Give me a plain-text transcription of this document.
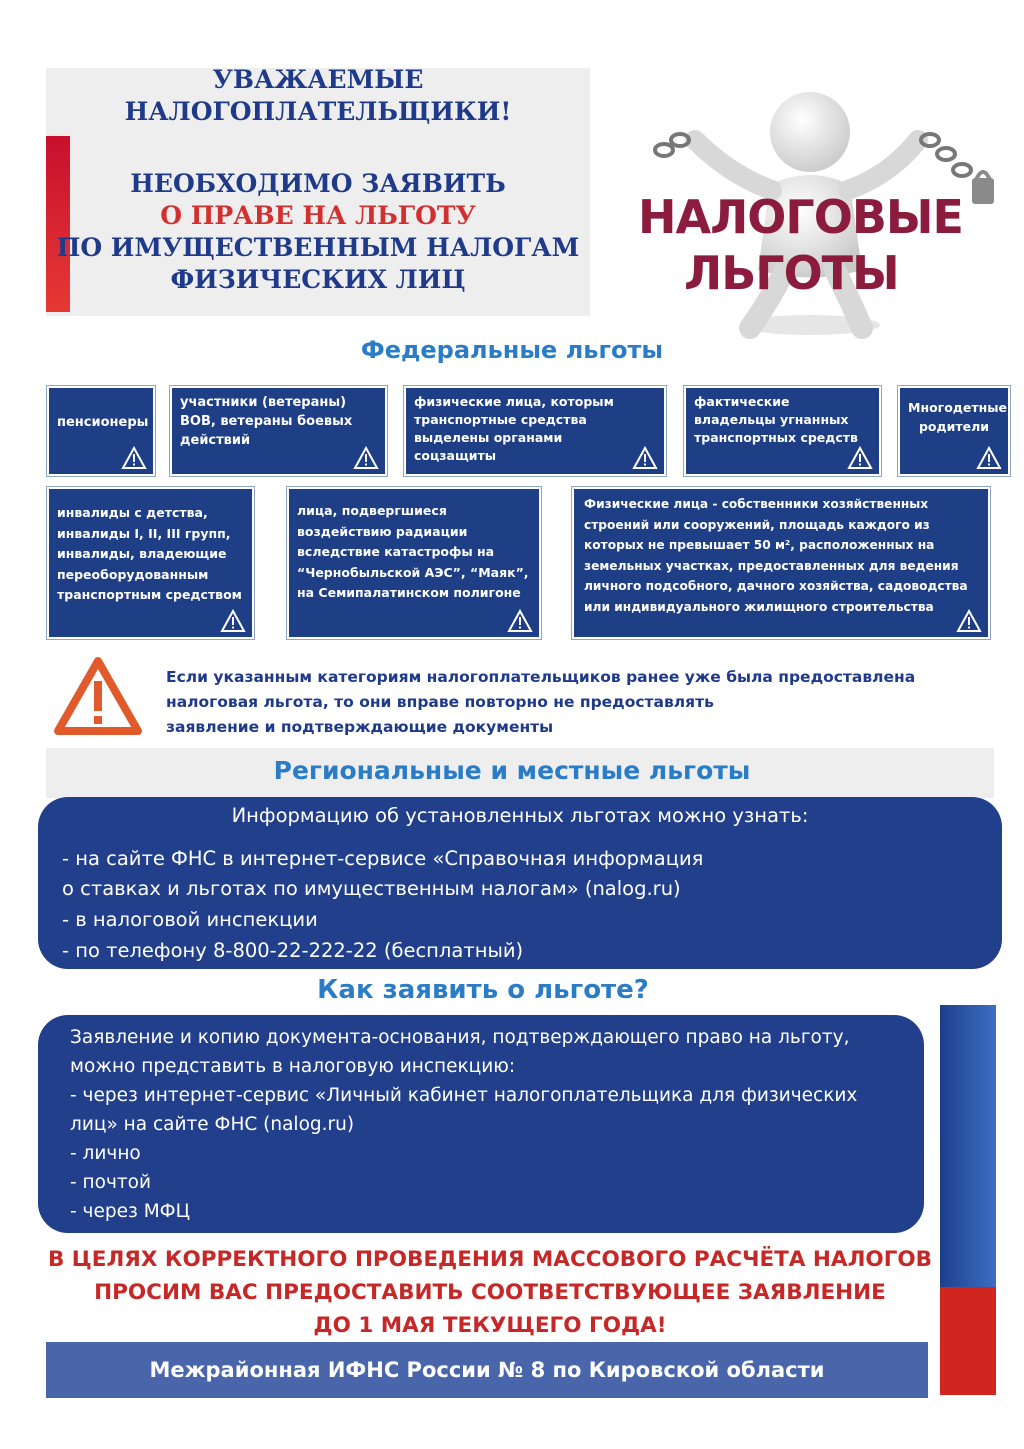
УВАЖАЕМЫЕ
НАЛОГОПЛАТЕЛЬЩИКИ!
НЕОБХОДИМО ЗАЯВИТЬ
О ПРАВЕ НА ЛЬГОТУ
ПО ИМУЩЕСТВЕННЫМ НАЛОГАМ
ФИЗИЧЕСКИХ ЛИЦ
НАЛОГОВЫЕ
ЛЬГОТЫ
Федеральные льготы
пенсионеры
участники (ветераны) ВОВ, ветераны боевых действий
физические лица, которым транспортные средства выделены органами соцзащиты
фактические владельцы угнанных транспортных средств
Многодетные родители
инвалиды с детства, инвалиды I, II, III групп, инвалиды, владеющие переоборудованным транспортным средством
лица, подвергшиеся воздействию радиации вследствие катастрофы на “Чернобыльской АЭС”, “Маяк”, на Семипалатинском полигоне
Физические лица - собственники хозяйственных строений или сооружений, площадь каждого из которых не превышает 50 м², расположенных на земельных участках, предоставленных для ведения личного подсобного, дачного хозяйства, садоводства или индивидуального жилищного строительства
Если указанным категориям налогоплательщиков ранее уже была предоставлена
налоговая льгота, то они вправе повторно не предоставлять
заявление и подтверждающие документы
Региональные и местные льготы
Информацию об установленных льготах можно узнать:
- на сайте ФНС в интернет-сервисе «Справочная информация
о ставках и льготах по имущественным налогам» (nalog.ru)
- в налоговой инспекции
- по телефону 8-800-22-222-22 (бесплатный)
Как заявить о льготе?
Заявление и копию документа-основания, подтверждающего право на льготу,
можно представить в налоговую инспекцию:
- через интернет-сервис «Личный кабинет налогоплательщика для физических
лиц» на сайте ФНС (nalog.ru)
- лично
- почтой
- через МФЦ
В ЦЕЛЯХ КОРРЕКТНОГО ПРОВЕДЕНИЯ МАССОВОГО РАСЧЁТА НАЛОГОВ
ПРОСИМ ВАС ПРЕДОСТАВИТЬ СООТВЕТСТВУЮЩЕЕ ЗАЯВЛЕНИЕ
ДО 1 МАЯ ТЕКУЩЕГО ГОДА!
Межрайонная ИФНС России № 8 по Кировской области
